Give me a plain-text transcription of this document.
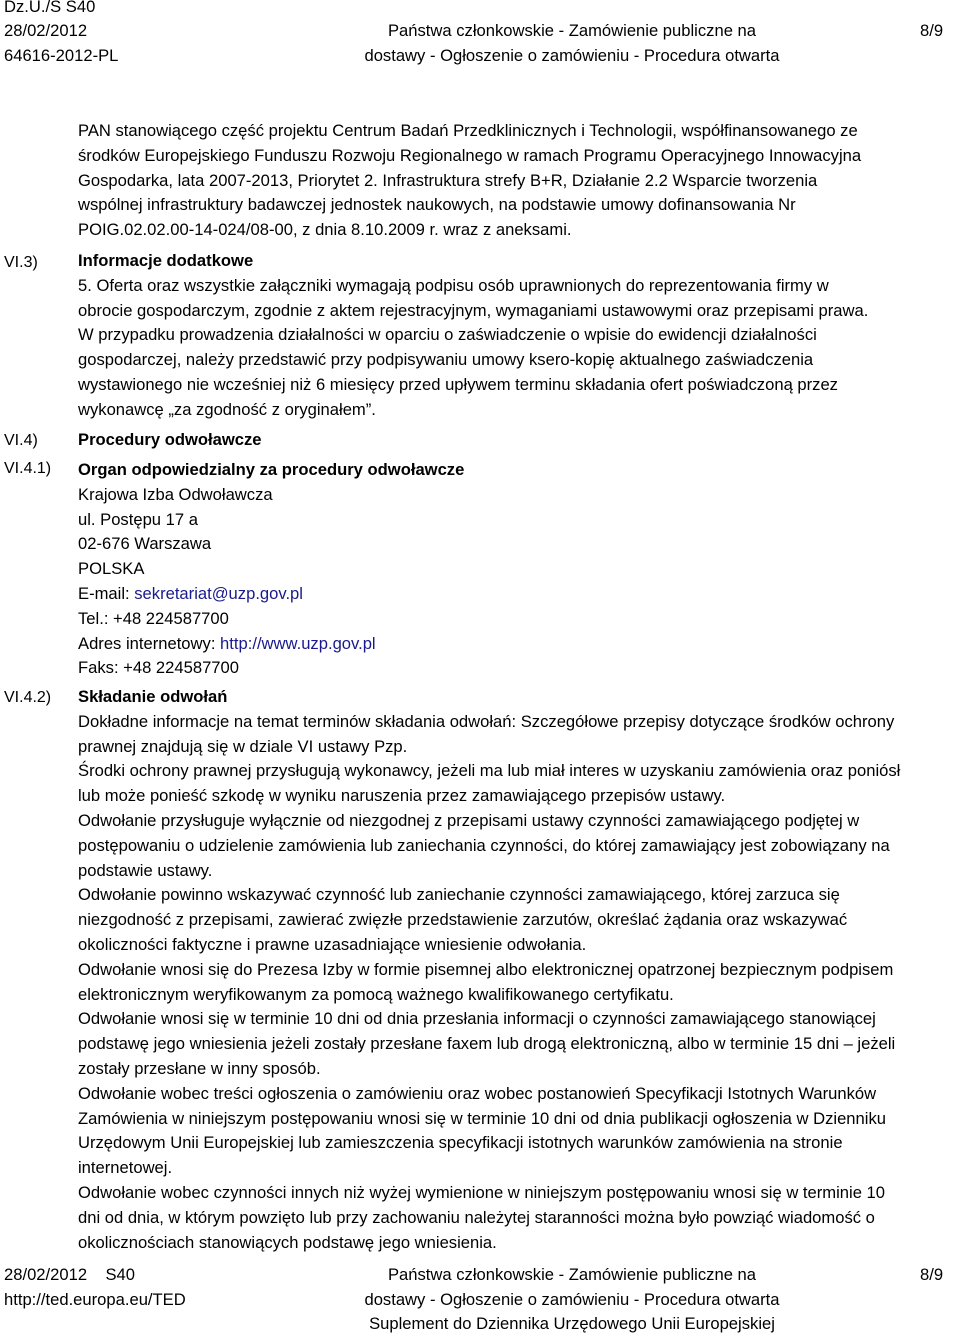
Dz.U./S S40
28/02/2012
64616-2012-PL
Państwa członkowskie - Zamówienie publiczne na
dostawy - Ogłoszenie o zamówieniu - Procedura otwarta
8/9

PAN stanowiącego część projektu Centrum Badań Przedklinicznych i Technologii, współfinansowanego ze

środków Europejskiego Funduszu Rozwoju Regionalnego w ramach Programu Operacyjnego Innowacyjna

Gospodarka, lata 2007-2013, Priorytet 2. Infrastruktura strefy B+R, Działanie 2.2 Wsparcie tworzenia

wspólnej infrastruktury badawczej jednostek naukowych, na podstawie umowy dofinansowania Nr

POIG.02.02.00-14-024/08-00, z dnia 8.10.2009 r. wraz z aneksami.

VI.3)
VI.4)
VI.4.1)
VI.4.2)

Informacje dodatkowe

5. Oferta oraz wszystkie załączniki wymagają podpisu osób uprawnionych do reprezentowania firmy w

obrocie gospodarczym, zgodnie z aktem rejestracyjnym, wymaganiami ustawowymi oraz przepisami prawa.

W przypadku prowadzenia działalności w oparciu o zaświadczenie o wpisie do ewidencji działalności

gospodarczej, należy przedstawić przy podpisywaniu umowy ksero-kopię aktualnego zaświadczenia

wystawionego nie wcześniej niż 6 miesięcy przed upływem terminu składania ofert poświadczoną przez

wykonawcę „za zgodność z oryginałem”.

Procedury odwoławcze

Organ odpowiedzialny za procedury odwoławcze

Krajowa Izba Odwoławcza

ul. Postępu 17 a

02-676 Warszawa

POLSKA

E-mail: sekretariat@uzp.gov.pl

Tel.: +48 224587700

Adres internetowy: http://www.uzp.gov.pl

Faks: +48 224587700

Składanie odwołań

Dokładne informacje na temat terminów składania odwołań: Szczegółowe przepisy dotyczące środków ochrony

prawnej znajdują się w dziale VI ustawy Pzp.

Środki ochrony prawnej przysługują wykonawcy, jeżeli ma lub miał interes w uzyskaniu zamówienia oraz poniósł

lub może ponieść szkodę w wyniku naruszenia przez zamawiającego przepisów ustawy.

Odwołanie przysługuje wyłącznie od niezgodnej z przepisami ustawy czynności zamawiającego podjętej w

postępowaniu o udzielenie zamówienia lub zaniechania czynności, do której zamawiający jest zobowiązany na

podstawie ustawy.

Odwołanie powinno wskazywać czynność lub zaniechanie czynności zamawiającego, której zarzuca się

niezgodność z przepisami, zawierać zwięzłe przedstawienie zarzutów, określać żądania oraz wskazywać

okoliczności faktyczne i prawne uzasadniające wniesienie odwołania.

Odwołanie wnosi się do Prezesa Izby w formie pisemnej albo elektronicznej opatrzonej bezpiecznym podpisem

elektronicznym weryfikowanym za pomocą ważnego kwalifikowanego certyfikatu.

Odwołanie wnosi się w terminie 10 dni od dnia przesłania informacji o czynności zamawiającego stanowiącej

podstawę jego wniesienia jeżeli zostały przesłane faxem lub drogą elektroniczną, albo w terminie 15 dni – jeżeli

zostały przesłane w inny sposób.

Odwołanie wobec treści ogłoszenia o zamówieniu oraz wobec postanowień Specyfikacji Istotnych Warunków

Zamówienia w niniejszym postępowaniu wnosi się w terminie 10 dni od dnia publikacji ogłoszenia w Dzienniku

Urzędowym Unii Europejskiej lub zamieszczenia specyfikacji istotnych warunków zamówienia na stronie

internetowej.

Odwołanie wobec czynności innych niż wyżej wymienione w niniejszym postępowaniu wnosi się w terminie 10

dni od dnia, w którym powzięto lub przy zachowaniu należytej staranności można było powziąć wiadomość o

okolicznościach stanowiących podstawę jego wniesienia.

28/02/2012    S40
http://ted.europa.eu/TED
Państwa członkowskie - Zamówienie publiczne na
dostawy - Ogłoszenie o zamówieniu - Procedura otwarta
Suplement do Dziennika Urzędowego Unii Europejskiej
8/9
